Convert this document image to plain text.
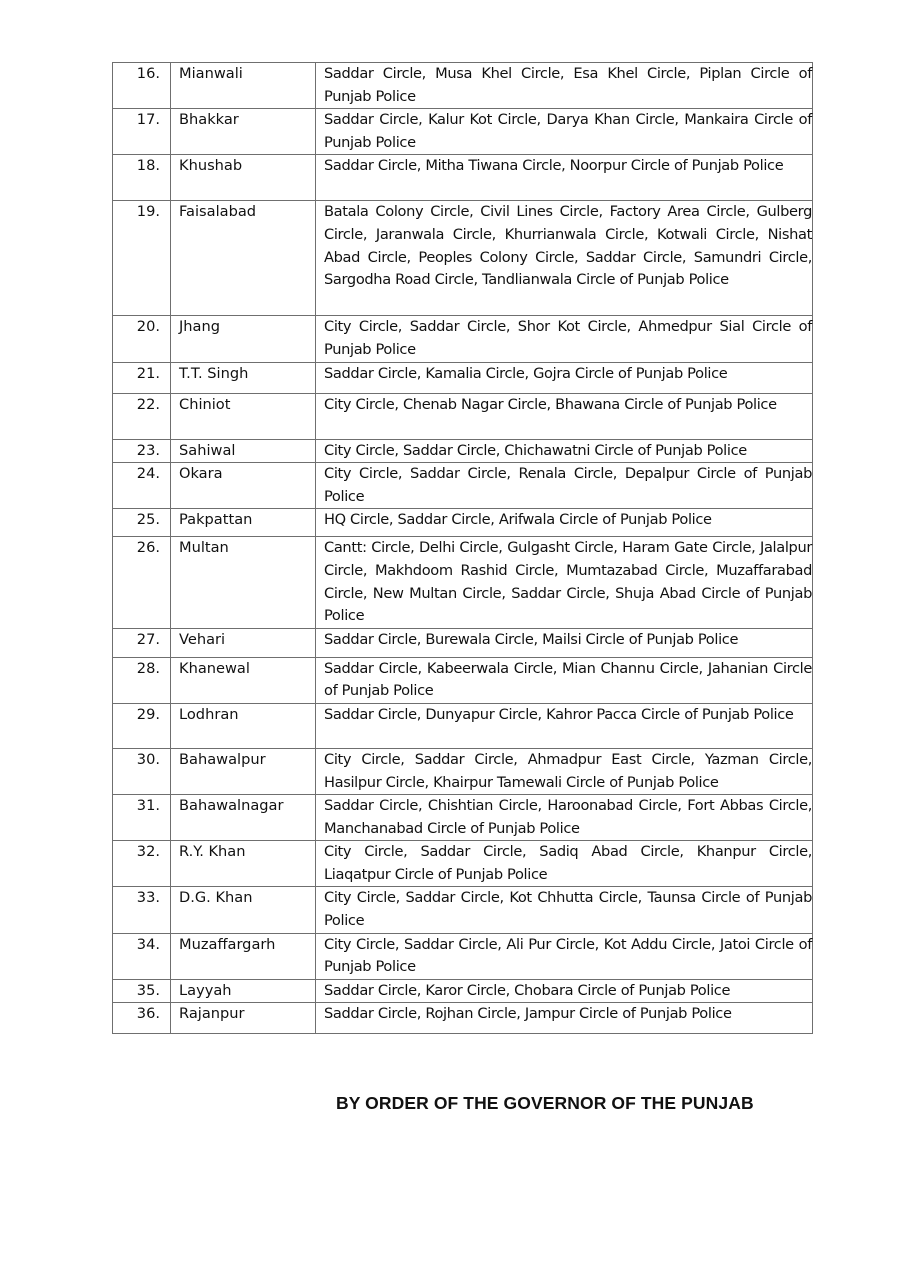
16.	Mianwali	Saddar Circle, Musa Khel Circle, Esa Khel Circle, Piplan Circle of Punjab Police
17.	Bhakkar	Saddar Circle, Kalur Kot Circle, Darya Khan Circle, Mankaira Circle of Punjab Police
18.	Khushab	Saddar Circle, Mitha Tiwana Circle, Noorpur Circle of Punjab Police
19.	Faisalabad	Batala Colony Circle, Civil Lines Circle, Factory Area Circle, Gulberg Circle, Jaranwala Circle, Khurrianwala Circle, Kotwali Circle, Nishat Abad Circle, Peoples Colony Circle, Saddar Circle, Samundri Circle, Sargodha Road Circle, Tandlianwala Circle of Punjab Police
20.	Jhang	City Circle, Saddar Circle, Shor Kot Circle, Ahmedpur Sial Circle of Punjab Police
21.	T.T. Singh	Saddar Circle, Kamalia Circle, Gojra Circle of Punjab Police
22.	Chiniot	City Circle, Chenab Nagar Circle, Bhawana Circle of Punjab Police
23.	Sahiwal	City Circle, Saddar Circle, Chichawatni Circle of Punjab Police
24.	Okara	City Circle, Saddar Circle, Renala Circle, Depalpur Circle of Punjab Police
25.	Pakpattan	HQ Circle, Saddar Circle, Arifwala Circle of Punjab Police
26.	Multan	Cantt: Circle, Delhi Circle, Gulgasht Circle, Haram Gate Circle, Jalalpur Circle, Makhdoom Rashid Circle, Mumtazabad Circle, Muzaffarabad Circle, New Multan Circle, Saddar Circle, Shuja Abad Circle of Punjab Police
27.	Vehari	Saddar Circle, Burewala Circle, Mailsi Circle of Punjab Police
28.	Khanewal	Saddar Circle, Kabeerwala Circle, Mian Channu Circle, Jahanian Circle of Punjab Police
29.	Lodhran	Saddar Circle, Dunyapur Circle, Kahror Pacca Circle of Punjab Police
30.	Bahawalpur	City Circle, Saddar Circle, Ahmadpur East Circle, Yazman Circle, Hasilpur Circle, Khairpur Tamewali Circle of Punjab Police
31.	Bahawalnagar	Saddar Circle, Chishtian Circle, Haroonabad Circle, Fort Abbas Circle, Manchanabad Circle of Punjab Police
32.	R.Y. Khan	City Circle, Saddar Circle, Sadiq Abad Circle, Khanpur Circle, Liaqatpur Circle of Punjab Police
33.	D.G. Khan	City Circle, Saddar Circle, Kot Chhutta Circle, Taunsa Circle of Punjab Police
34.	Muzaffargarh	City Circle, Saddar Circle, Ali Pur Circle, Kot Addu Circle, Jatoi Circle of Punjab Police
35.	Layyah	Saddar Circle, Karor Circle, Chobara Circle of Punjab Police
36.	Rajanpur	Saddar Circle, Rojhan Circle, Jampur Circle of Punjab Police
BY ORDER OF THE GOVERNOR OF THE PUNJAB
